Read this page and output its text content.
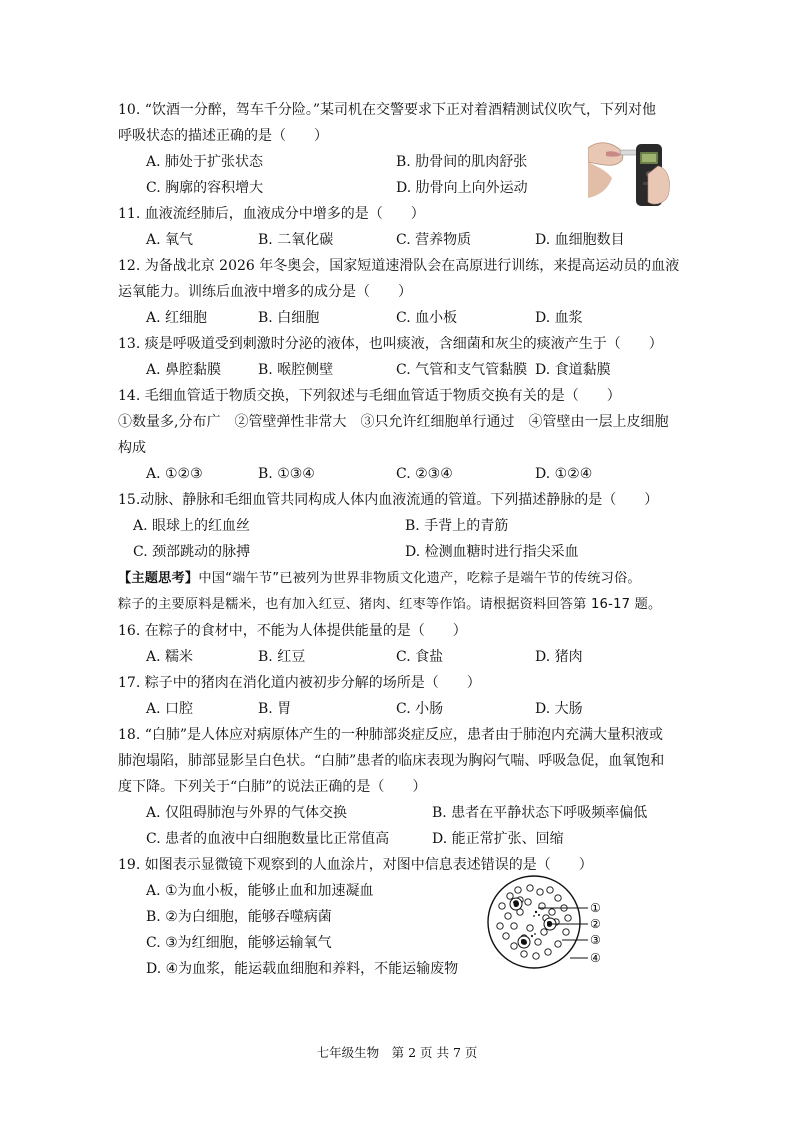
10. “饮酒一分醉，驾车千分险。”某司机在交警要求下正对着酒精测试仪吹气，下列对他
呼吸状态的描述正确的是（　　）
A. 肺处于扩张状态	B. 肋骨间的肌肉舒张
C. 胸廓的容积增大	D. 肋骨向上向外运动
11. 血液流经肺后，血液成分中增多的是（　　）
A. 氧气	B. 二氧化碳	C. 营养物质	D. 血细胞数目
12. 为备战北京 2026 年冬奥会，国家短道速滑队会在高原进行训练，来提高运动员的血液
运氧能力。训练后血液中增多的成分是（　　）
A. 红细胞	B. 白细胞	C. 血小板	D. 血浆
13. 痰是呼吸道受到刺激时分泌的液体，也叫痰液，含细菌和灰尘的痰液产生于（　　）
A. 鼻腔黏膜	B. 喉腔侧壁	C. 气管和支气管黏膜 D. 食道黏膜
14. 毛细血管适于物质交换，下列叙述与毛细血管适于物质交换有关的是（　　）
①数量多,分布广　②管壁弹性非常大　③只允许红细胞单行通过　④管壁由一层上皮细胞
构成
A. ①②③	B. ①③④	C. ②③④	D. ①②④
15.动脉、静脉和毛细血管共同构成人体内血液流通的管道。下列描述静脉的是（　　）
A. 眼球上的红血丝	B. 手背上的青筋
C. 颈部跳动的脉搏	D. 检测血糖时进行指尖采血
【主题思考】中国“端午节”已被列为世界非物质文化遗产，吃粽子是端午节的传统习俗。
粽子的主要原料是糯米，也有加入红豆、猪肉、红枣等作馅。请根据资料回答第 16-17 题。
16. 在粽子的食材中，不能为人体提供能量的是（　　）
A. 糯米	B. 红豆	C. 食盐	D. 猪肉
17. 粽子中的猪肉在消化道内被初步分解的场所是（　　）
A. 口腔	B. 胃	C. 小肠	D. 大肠
18. “白肺”是人体应对病原体产生的一种肺部炎症反应，患者由于肺泡内充满大量积液或
肺泡塌陷，肺部显影呈白色状。“白肺”患者的临床表现为胸闷气喘、呼吸急促，血氧饱和
度下降。下列关于“白肺”的说法正确的是（　　）
A. 仅阻碍肺泡与外界的气体交换	B. 患者在平静状态下呼吸频率偏低
C. 患者的血液中白细胞数量比正常值高	D. 能正常扩张、回缩
19. 如图表示显微镜下观察到的人血涂片，对图中信息表述错误的是（　　）
A. ①为血小板，能够止血和加速凝血
B. ②为白细胞，能够吞噬病菌
C. ③为红细胞，能够运输氧气
D. ④为血浆，能运载血细胞和养料，不能运输废物
①
②
③
④
七年级生物　第 2 页 共 7 页
